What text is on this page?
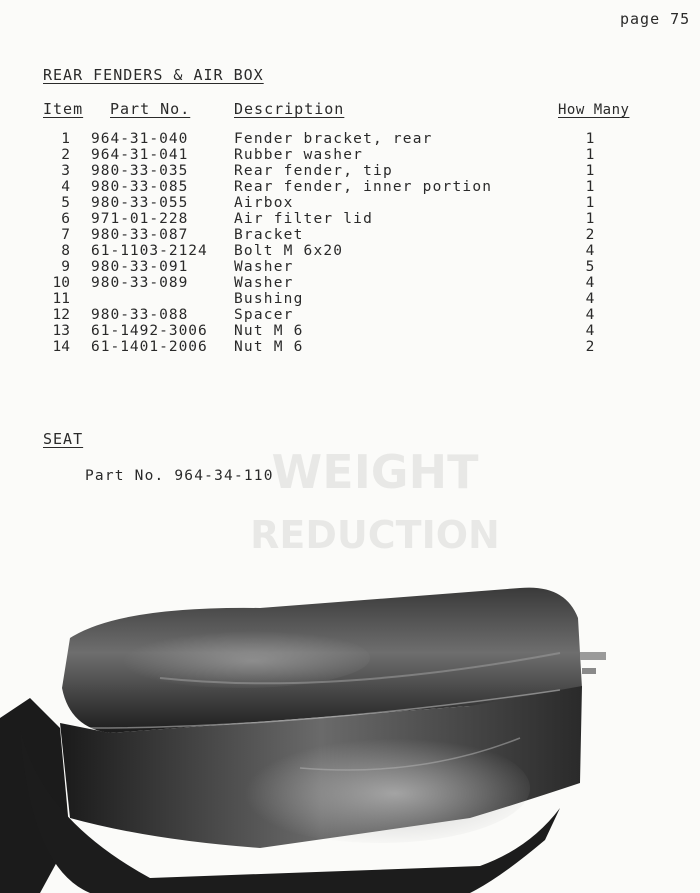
page 75
REAR FENDERS & AIR BOX
Item Part No.	Description	How Many
1 964-31-040	Fender bracket, rear	1
2 964-31-041	Rubber washer	1
3 980-33-035	Rear fender, tip	1
4 980-33-085	Rear fender, inner portion	1
5 980-33-055	Airbox	1
6 971-01-228	Air filter lid	1
7 980-33-087	Bracket	2
8 61-1103-2124 Bolt M 6x20	4
9 980-33-091	Washer	5
10 980-33-089	Washer	4
11	Bushing	4
12 980-33-088	Spacer	4
13 61-1492-3006 Nut M 6	4
14 61-1401-2006 Nut M 6	2
SEAT
Part No. 964-34-110
WEIGHT
REDUCTION
